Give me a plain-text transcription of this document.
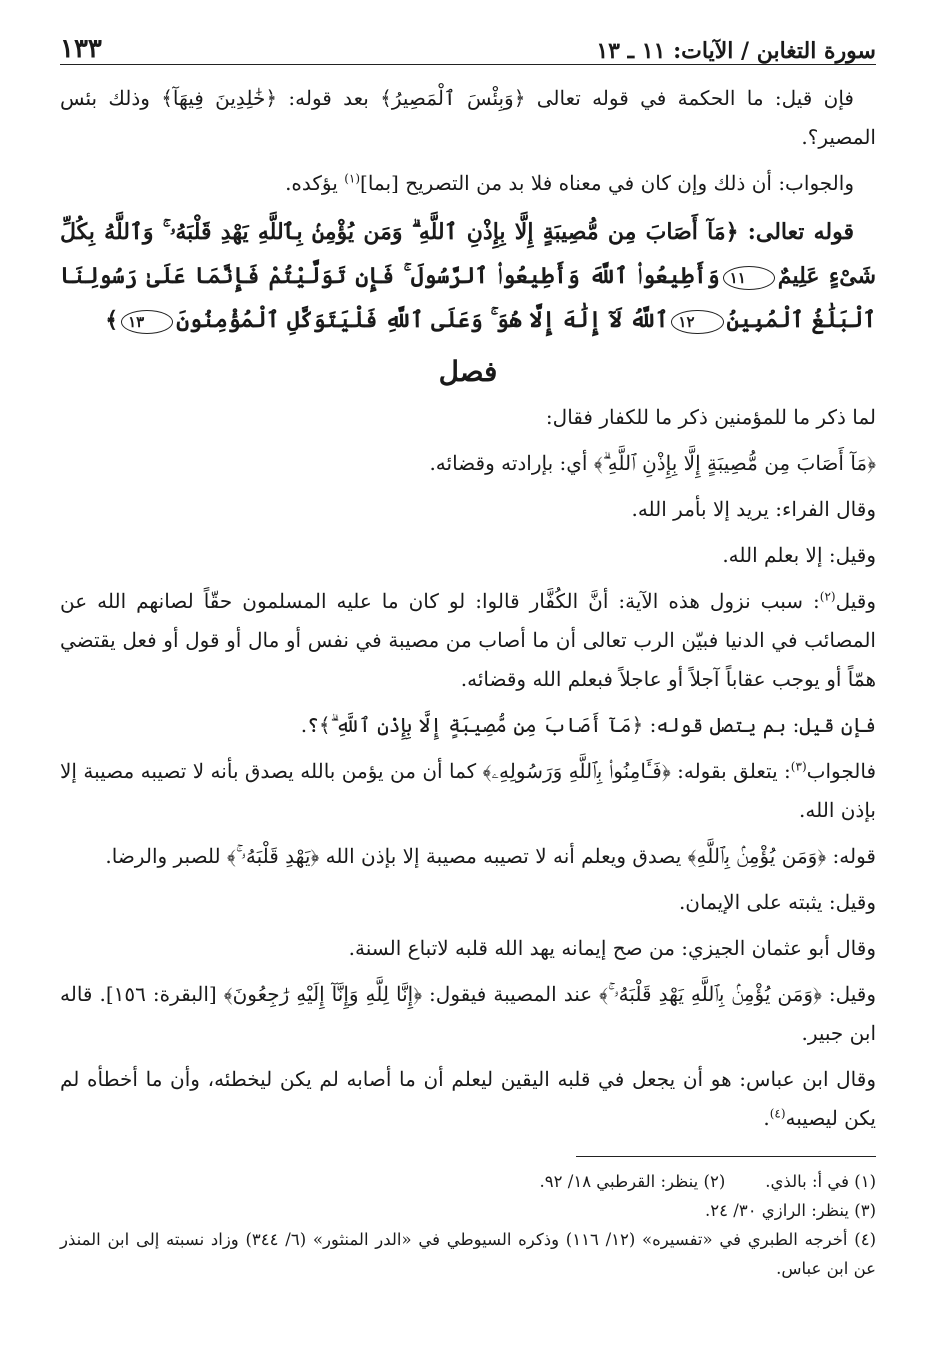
سورة التغابن / الآيات: ١١ ـ ١٣
١٣٣

فإن قيل: ما الحكمة في قوله تعالى ﴿وَبِئْسَ ٱلْمَصِيرُ﴾ بعد قوله: ﴿خَٰلِدِينَ فِيهَآ﴾ وذلك بئس المصير؟.

والجواب: أن ذلك وإن كان في معناه فلا بد من التصريح [بما]$^{(١)}$ يؤكده.

قوله تعالى: ﴿مَآ أَصَابَ مِن مُّصِيبَةٍ إِلَّا بِإِذْنِ ٱللَّهِ ۗ وَمَن يُؤْمِنۢ بِٱللَّهِ يَهْدِ قَلْبَهُۥ ۚ وَٱللَّهُ بِكُلِّ شَىْءٍ عَلِيمٌ١١وَأَطِيعُوا۟ ٱللَّهَ وَأَطِيعُوا۟ ٱلرَّسُولَ ۚ فَإِن تَوَلَّيْتُمْ فَإِنَّمَا عَلَىٰ رَسُولِنَا ٱلْبَلَٰغُ ٱلْمُبِينُ١٢ٱللَّهُ لَآ إِلَٰهَ إِلَّا هُوَ ۚ وَعَلَى ٱللَّهِ فَلْيَتَوَكَّلِ ٱلْمُؤْمِنُونَ١٣﴾

فصل

لما ذكر ما للمؤمنين ذكر ما للكفار فقال:

﴿مَآ أَصَابَ مِن مُّصِيبَةٍ إِلَّا بِإِذْنِ ٱللَّهِ ۗ﴾ أي: بإرادته وقضائه.

وقال الفراء: يريد إلا بأمر الله.

وقيل: إلا بعلم الله.

وقيل$^{(٢)}$: سبب نزول هذه الآية: أنَّ الكُفَّار قالوا: لو كان ما عليه المسلمون حقّاً لصانهم الله عن المصائب في الدنيا فبيّن الرب تعالى أن ما أصاب من مصيبة في نفس أو مال أو قول أو فعل يقتضي همّاً أو يوجب عقاباً آجلاً أو عاجلاً فبعلم الله وقضائه.

فإن قيل: بم يتصل قوله: ﴿مَآ أَصَابَ مِن مُّصِيبَةٍ إِلَّا بِإِذْنِ ٱللَّهِ ۗ﴾؟.

فالجواب$^{(٣)}$: يتعلق بقوله: ﴿فَـَٔامِنُوا۟ بِٱللَّهِ وَرَسُولِهِۦ﴾ كما أن من يؤمن بالله يصدق بأنه لا تصيبه مصيبة إلا بإذن الله.

قوله: ﴿وَمَن يُؤْمِنۢ بِٱللَّهِ﴾ يصدق ويعلم أنه لا تصيبه مصيبة إلا بإذن الله ﴿يَهْدِ قَلْبَهُۥ ۚ﴾ للصبر والرضا.

وقيل: يثبته على الإيمان.

وقال أبو عثمان الجيزي: من صح إيمانه يهد الله قلبه لاتباع السنة.

وقيل: ﴿وَمَن يُؤْمِنۢ بِٱللَّهِ يَهْدِ قَلْبَهُۥ ۚ﴾ عند المصيبة فيقول: ﴿إِنَّا لِلَّهِ وَإِنَّآ إِلَيْهِ رَٰجِعُونَ﴾ [البقرة: ١٥٦]. قاله ابن جبير.

وقال ابن عباس: هو أن يجعل في قلبه اليقين ليعلم أن ما أصابه لم يكن ليخطئه، وأن ما أخطأه لم يكن ليصيبه$^{(٤)}$.

(١) في أ: بالذي.
(٢) ينظر: القرطبي ١٨/ ٩٢.
(٣) ينظر: الرازي ٣٠/ ٢٤.
(٤) أخرجه الطبري في «تفسيره» (١٢/ ١١٦) وذكره السيوطي في «الدر المنثور» (٦/ ٣٤٤) وزاد نسبته إلى ابن المنذر عن ابن عباس.
